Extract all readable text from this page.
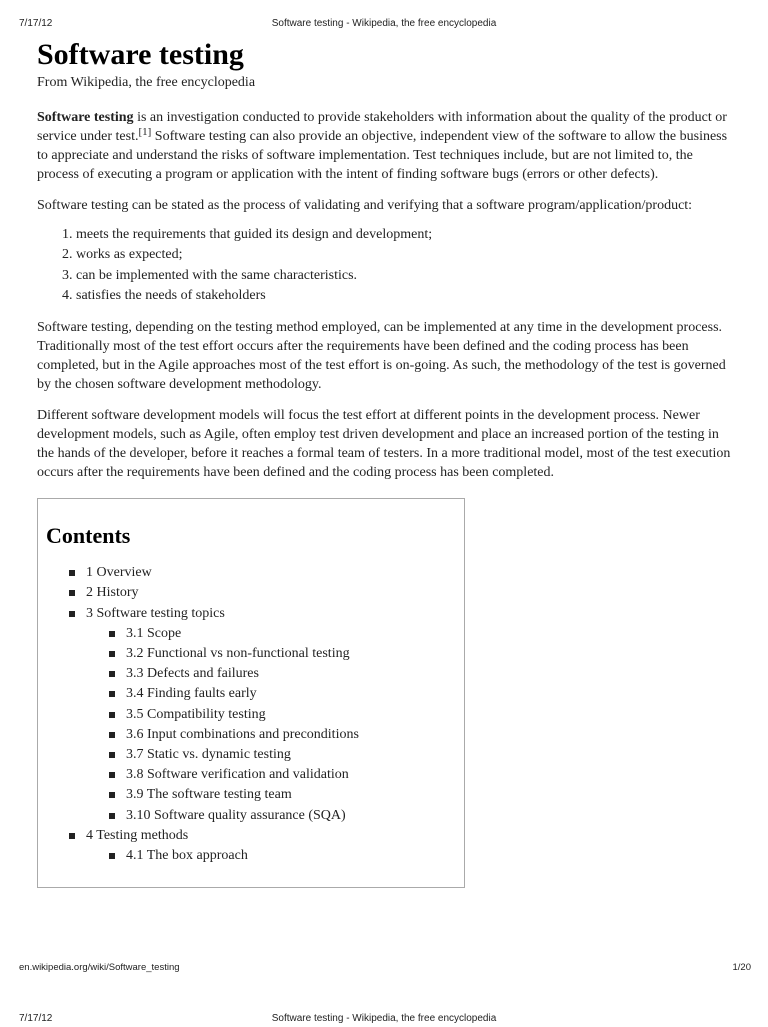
7/17/12	Software testing - Wikipedia, the free encyclopedia
Software testing
From Wikipedia, the free encyclopedia

Software testing is an investigation conducted to provide stakeholders with information about the quality of the product or service under test.[1] Software testing can also provide an objective, independent view of the software to allow the business to appreciate and understand the risks of software implementation. Test techniques include, but are not limited to, the process of executing a program or application with the intent of finding software bugs (errors or other defects).

Software testing can be stated as the process of validating and verifying that a software program/application/product:

1. meets the requirements that guided its design and development;
2. works as expected;
3. can be implemented with the same characteristics.
4. satisfies the needs of stakeholders

Software testing, depending on the testing method employed, can be implemented at any time in the development process. Traditionally most of the test effort occurs after the requirements have been defined and the coding process has been completed, but in the Agile approaches most of the test effort is on-going. As such, the methodology of the test is governed by the chosen software development methodology.

Different software development models will focus the test effort at different points in the development process. Newer development models, such as Agile, often employ test driven development and place an increased portion of the testing in the hands of the developer, before it reaches a formal team of testers. In a more traditional model, most of the test execution occurs after the requirements have been defined and the coding process has been completed.

Contents
1 Overview
2 History
3 Software testing topics
3.1 Scope
3.2 Functional vs non-functional testing
3.3 Defects and failures
3.4 Finding faults early
3.5 Compatibility testing
3.6 Input combinations and preconditions
3.7 Static vs. dynamic testing
3.8 Software verification and validation
3.9 The software testing team
3.10 Software quality assurance (SQA)
4 Testing methods
4.1 The box approach
en.wikipedia.org/wiki/Software_testing	1/20
7/17/12	Software testing - Wikipedia, the free encyclopedia
